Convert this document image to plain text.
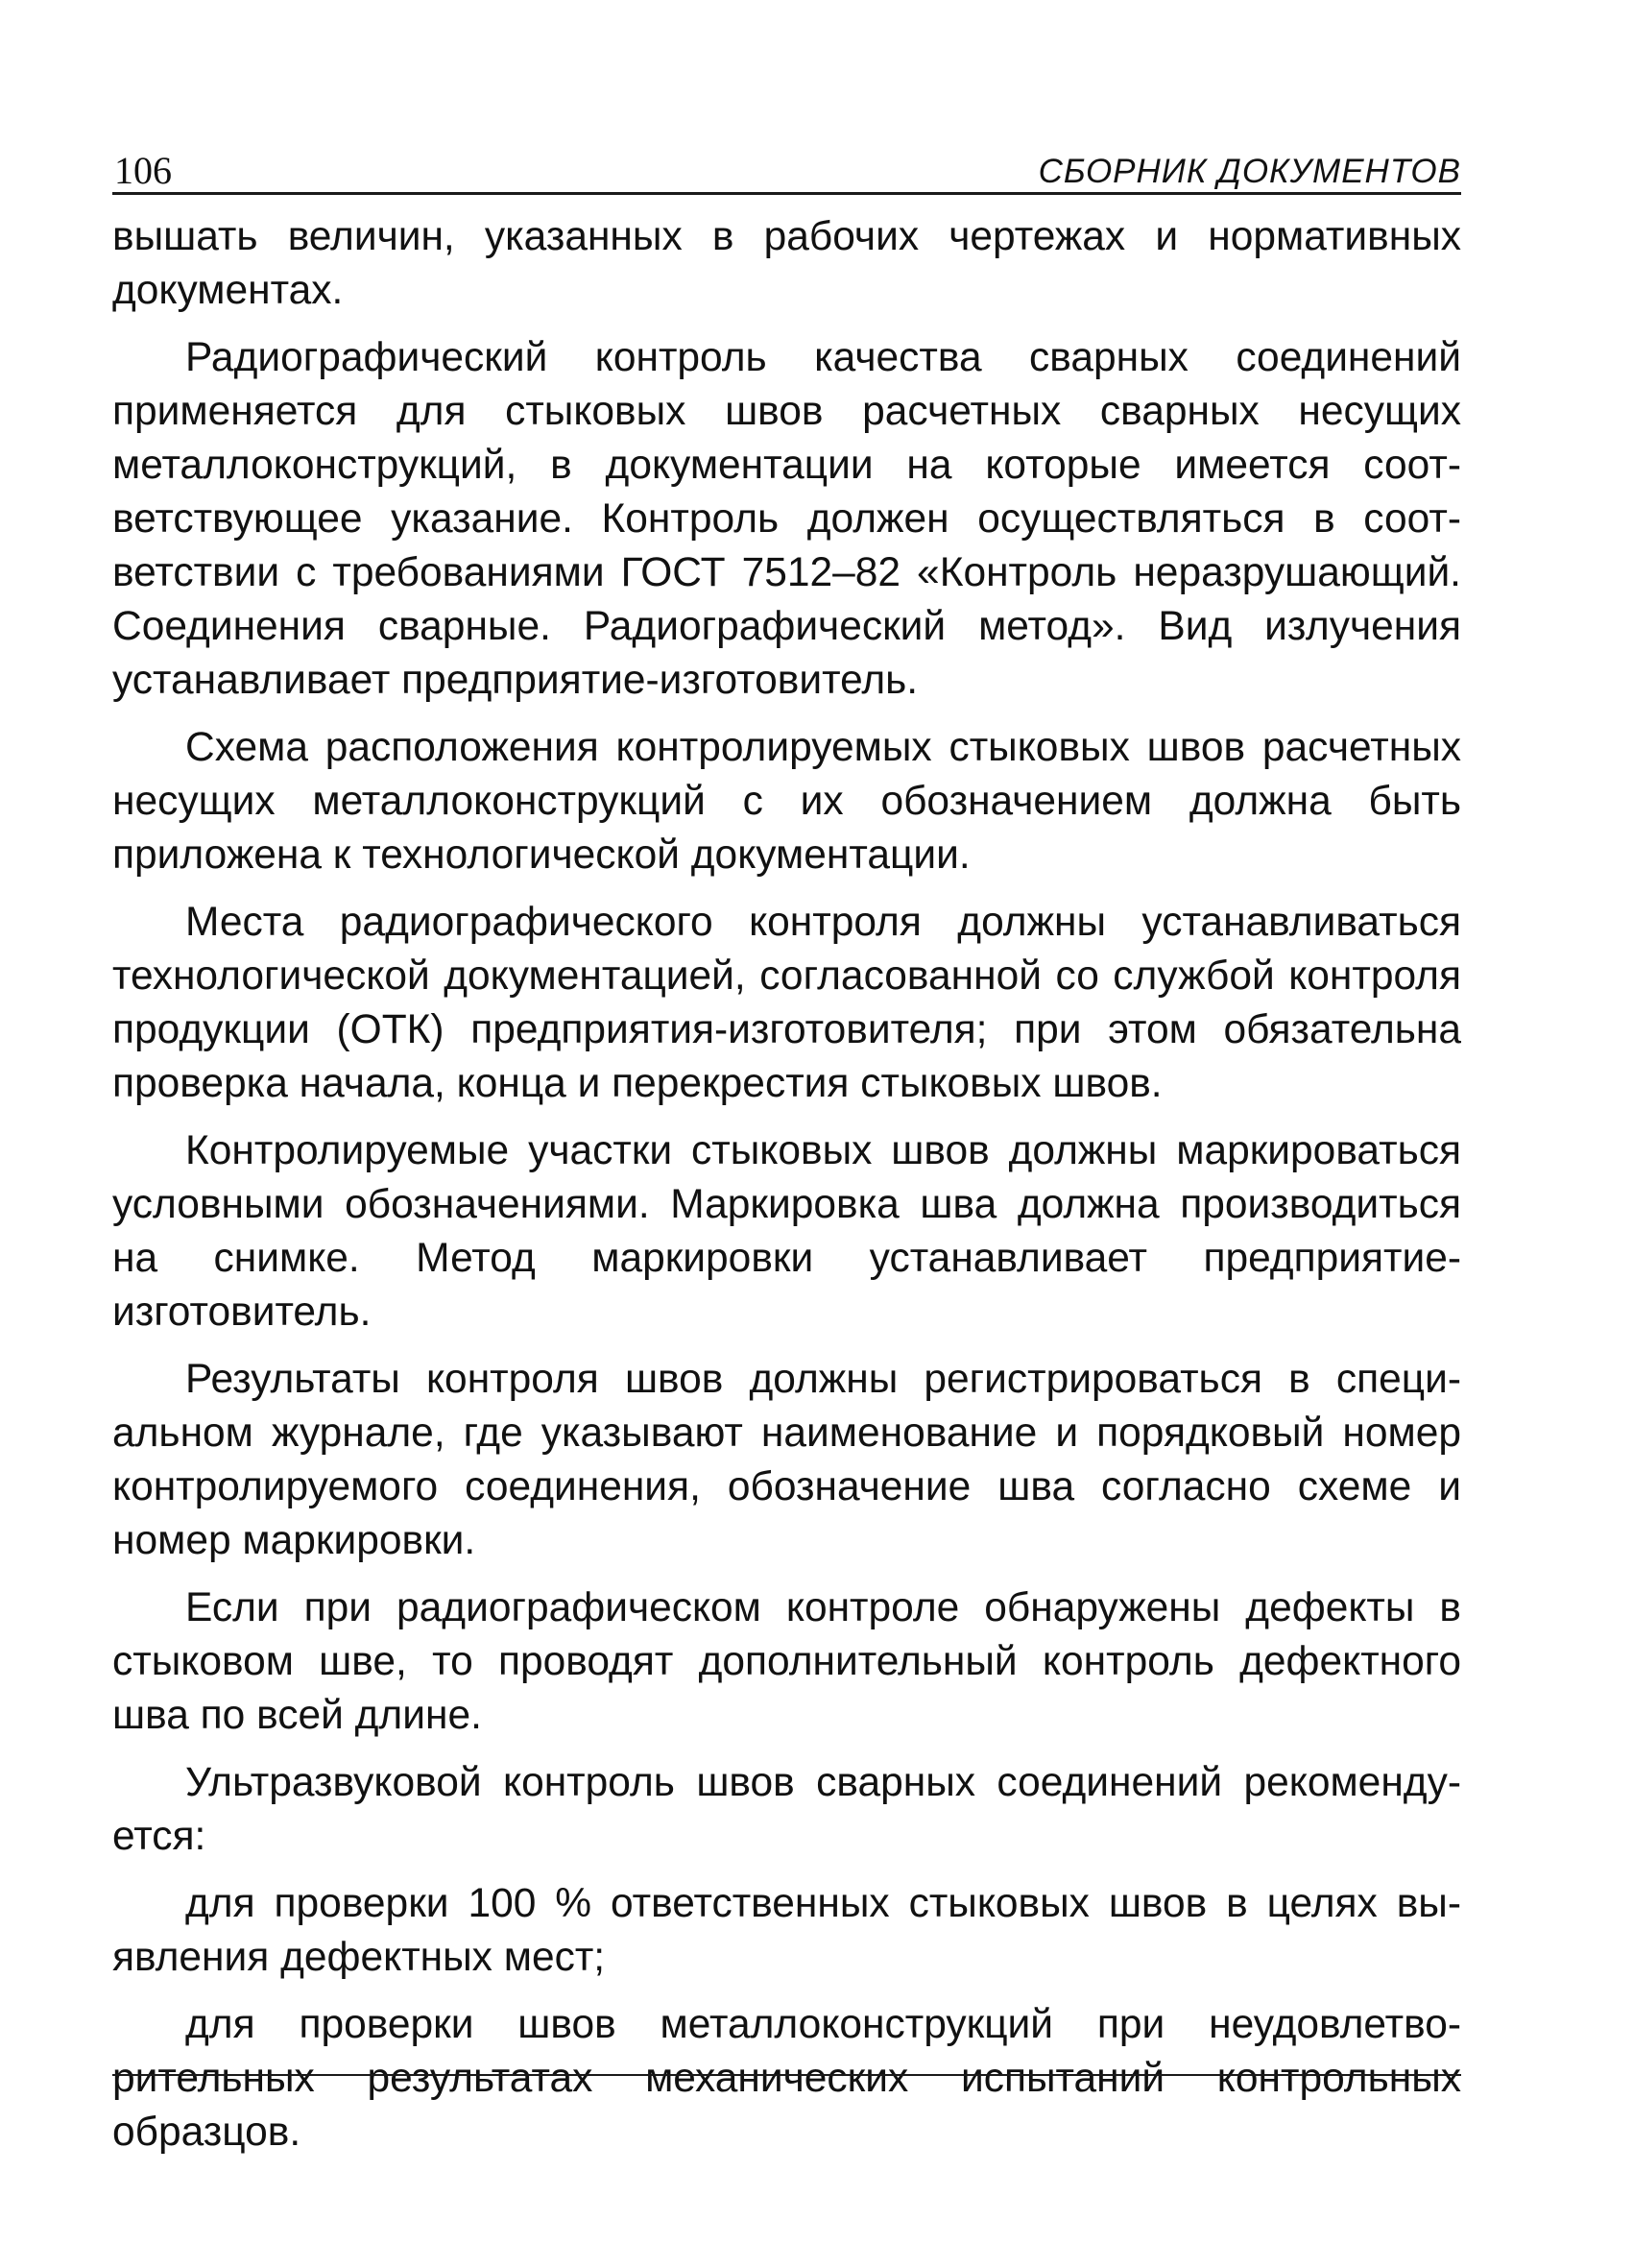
106	СБОРНИК ДОКУМЕНТОВ

вышать величин, указанных в рабочих чертежах и нормативных документах.

Радиографический контроль качества сварных соединений применяется для стыковых швов расчетных сварных несущих металлоконструкций, в документации на которые имеется соответствующее указание. Контроль должен осуществляться в соответствии с требованиями ГОСТ 7512–82 «Контроль неразрушающий. Соединения сварные. Радиографический метод». Вид излучения устанавливает предприятие-изготовитель.

Схема расположения контролируемых стыковых швов расчетных несущих металлоконструкций с их обозначением должна быть приложена к технологической документации.

Места радиографического контроля должны устанавливаться технологической документацией, согласованной со службой контроля продукции (ОТК) предприятия-изготовителя; при этом обязательна проверка начала, конца и перекрестия стыковых швов.

Контролируемые участки стыковых швов должны маркироваться условными обозначениями. Маркировка шва должна производиться на снимке. Метод маркировки устанавливает предприятие-изготовитель.

Результаты контроля швов должны регистрироваться в специальном журнале, где указывают наименование и порядковый номер контролируемого соединения, обозначение шва согласно схеме и номер маркировки.

Если при радиографическом контроле обнаружены дефекты в стыковом шве, то проводят дополнительный контроль дефектного шва по всей длине.

Ультразвуковой контроль швов сварных соединений рекомендуется:

для проверки 100 % ответственных стыковых швов в целях выявления дефектных мест;

для проверки швов металлоконструкций при неудовлетворительных результатах механических испытаний контрольных образцов.
